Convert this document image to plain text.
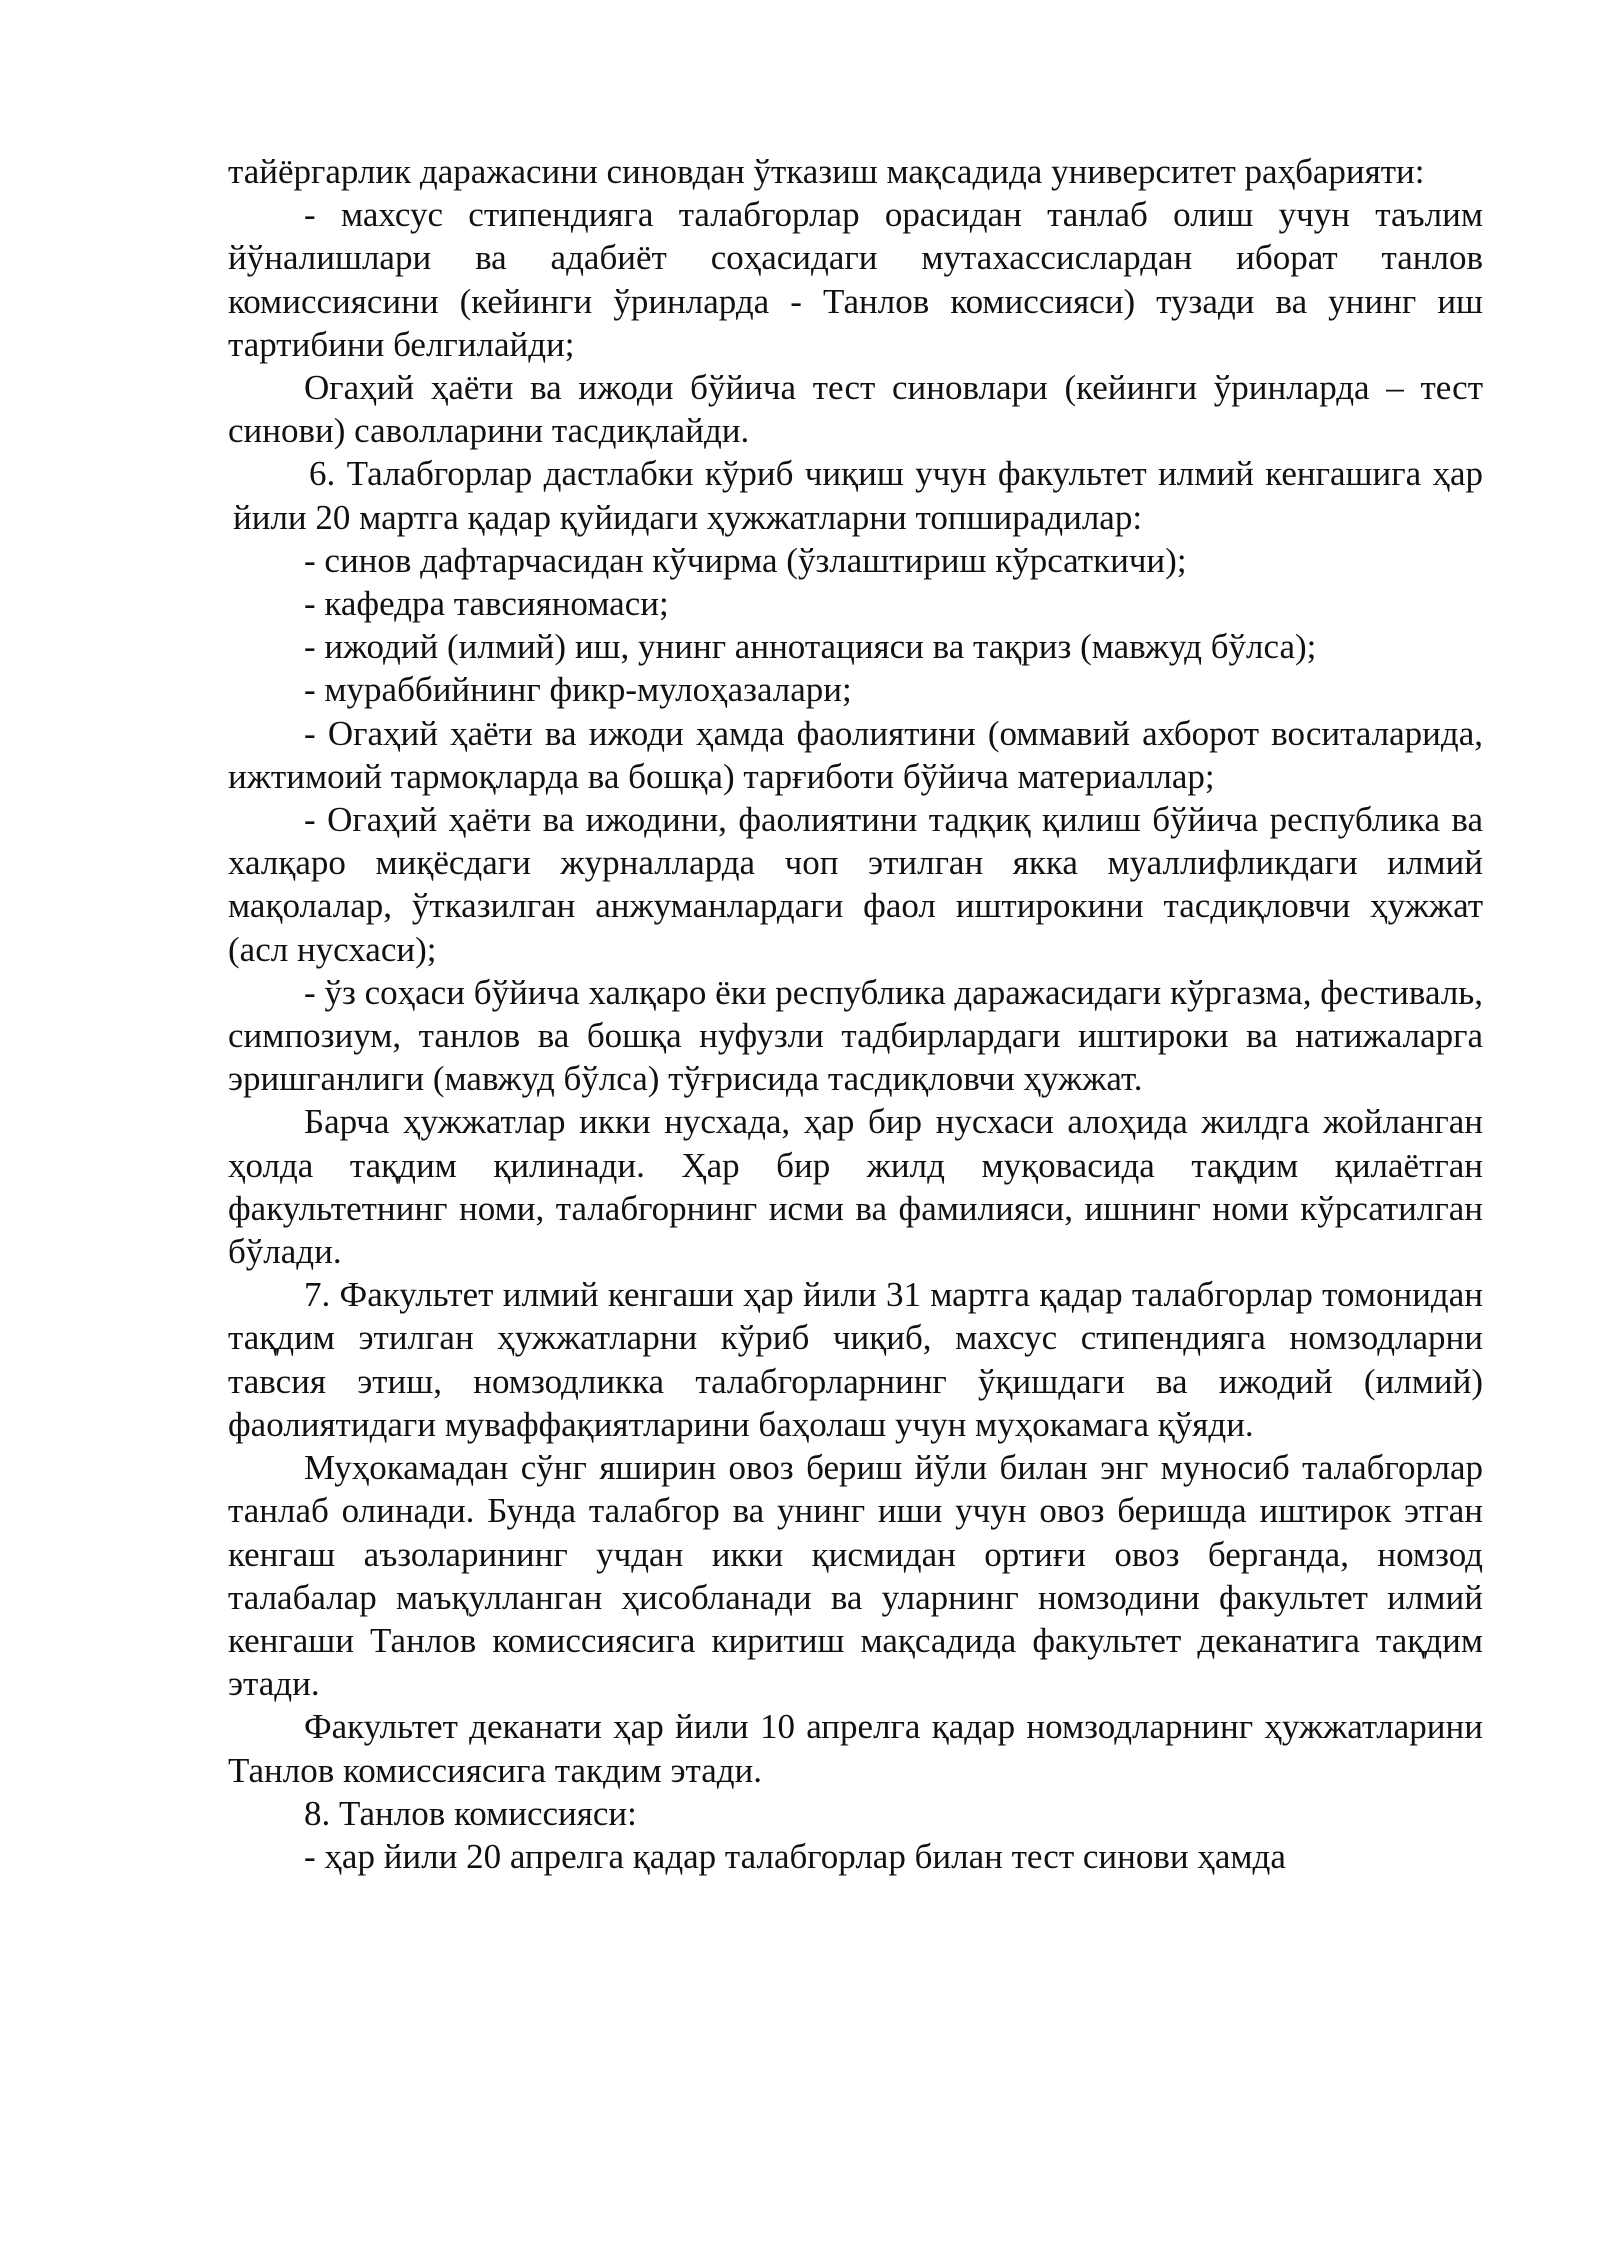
тайёргарлик даражасини синовдан ўтказиш мақсадида университет раҳбарияти:

- махсус стипендияга талабгорлар орасидан танлаб олиш учун таълим йўналишлари ва адабиёт соҳасидаги мутахассислардан иборат танлов комиссиясини (кейинги ўринларда - Танлов комиссияси) тузади ва унинг иш тартибини белгилайди;

Огаҳий ҳаёти ва ижоди бўйича тест синовлари (кейинги ўринларда – тест синови) саволларини тасдиқлайди.

6. Талабгорлар дастлабки кўриб чиқиш учун факультет илмий кенгашига ҳар йили 20 мартга қадар қуйидаги ҳужжатларни топширадилар:

- синов дафтарчасидан кўчирма (ўзлаштириш кўрсаткичи);

- кафедра тавсияномаси;

- ижодий (илмий) иш, унинг аннотацияси ва тақриз (мавжуд бўлса);

- мураббийнинг фикр-мулоҳазалари;

- Огаҳий ҳаёти ва ижоди ҳамда фаолиятини (оммавий ахборот воситаларида, ижтимоий тармоқларда ва бошқа) тарғиботи бўйича материаллар;

- Огаҳий ҳаёти ва ижодини, фаолиятини тадқиқ қилиш бўйича республика ва халқаро миқёсдаги журналларда чоп этилган якка муаллифликдаги илмий мақолалар, ўтказилган анжуманлардаги фаол иштирокини тасдиқловчи ҳужжат (асл нусхаси);

- ўз соҳаси бўйича халқаро ёки республика даражасидаги кўргазма, фестиваль, симпозиум, танлов ва бошқа нуфузли тадбирлардаги иштироки ва натижаларга эришганлиги (мавжуд бўлса) тўғрисида тасдиқловчи ҳужжат.

Барча ҳужжатлар икки нусхада, ҳар бир нусхаси алоҳида жилдга жойланган ҳолда тақдим қилинади. Ҳар бир жилд муқовасида тақдим қилаётган факультетнинг номи, талабгорнинг исми ва фамилияси, ишнинг номи кўрсатилган бўлади.

7. Факультет илмий кенгаши ҳар йили 31 мартга қадар талабгорлар томонидан тақдим этилган ҳужжатларни кўриб чиқиб, махсус стипендияга номзодларни тавсия этиш, номзодликка талабгорларнинг ўқишдаги ва ижодий (илмий) фаолиятидаги муваффақиятларини баҳолаш учун муҳокамага қўяди.

Муҳокамадан сўнг яширин овоз бериш йўли билан энг муносиб талабгорлар танлаб олинади. Бунда талабгор ва унинг иши учун овоз беришда иштирок этган кенгаш аъзоларининг учдан икки қисмидан ортиғи овоз берганда, номзод талабалар маъқулланган ҳисобланади ва уларнинг номзодини факультет илмий кенгаши Танлов комиссиясига киритиш мақсадида факультет деканатига тақдим этади.

Факультет деканати ҳар йили 10 апрелга қадар номзодларнинг ҳужжатларини Танлов комиссиясига такдим этади.

8. Танлов комиссияси:

- ҳар йили 20 апрелга қадар талабгорлар билан тест синови ҳамда
